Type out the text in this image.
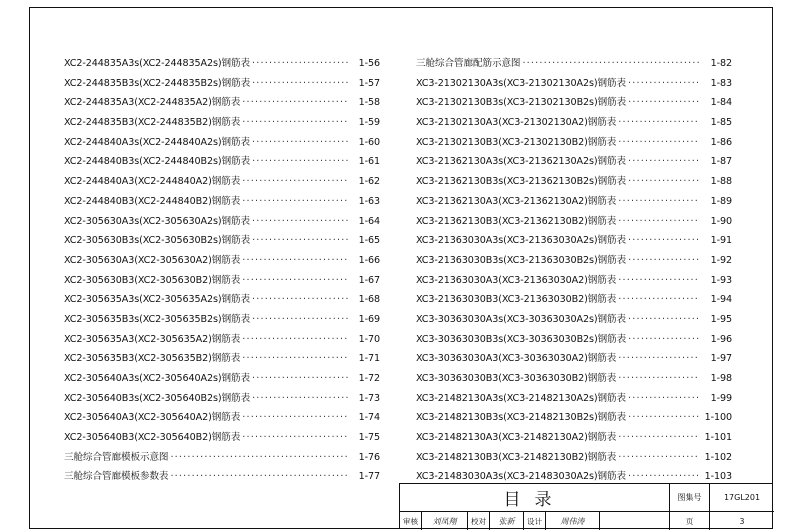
XC2-244835A3s(XC2-244835A2s)钢筋表 ·····	1-56
XC2-244835B3s(XC2-244835B2s)钢筋表 ·····	1-57
XC2-244835A3(XC2-244835A2)钢筋表 ·····	1-58
XC2-244835B3(XC2-244835B2)钢筋表 ·····	1-59
XC2-244840A3s(XC2-244840A2s)钢筋表 ·····	1-60
XC2-244840B3s(XC2-244840B2s)钢筋表 ·····	1-61
XC2-244840A3(XC2-244840A2)钢筋表 ·····	1-62
XC2-244840B3(XC2-244840B2)钢筋表 ·····	1-63
XC2-305630A3s(XC2-305630A2s)钢筋表 ·····	1-64
XC2-305630B3s(XC2-305630B2s)钢筋表 ·····	1-65
XC2-305630A3(XC2-305630A2)钢筋表 ·····	1-66
XC2-305630B3(XC2-305630B2)钢筋表 ·····	1-67
XC2-305635A3s(XC2-305635A2s)钢筋表 ·····	1-68
XC2-305635B3s(XC2-305635B2s)钢筋表 ·····	1-69
XC2-305635A3(XC2-305635A2)钢筋表 ·····	1-70
XC2-305635B3(XC2-305635B2)钢筋表 ·····	1-71
XC2-305640A3s(XC2-305640A2s)钢筋表 ·····	1-72
XC2-305640B3s(XC2-305640B2s)钢筋表 ·····	1-73
XC2-305640A3(XC2-305640A2)钢筋表 ·····	1-74
XC2-305640B3(XC2-305640B2)钢筋表 ·····	1-75
三舱综合管廊模板示意图 ·····	1-76
三舱综合管廊模板参数表 ·····	1-77
三舱综合管廊配筋示意图 ·····	1-82
XC3-21302130A3s(XC3-21302130A2s)钢筋表 ·····	1-83
XC3-21302130B3s(XC3-21302130B2s)钢筋表 ·····	1-84
XC3-21302130A3(XC3-21302130A2)钢筋表 ·····	1-85
XC3-21302130B3(XC3-21302130B2)钢筋表 ·····	1-86
XC3-21362130A3s(XC3-21362130A2s)钢筋表 ·····	1-87
XC3-21362130B3s(XC3-21362130B2s)钢筋表 ·····	1-88
XC3-21362130A3(XC3-21362130A2)钢筋表 ·····	1-89
XC3-21362130B3(XC3-21362130B2)钢筋表 ·····	1-90
XC3-21363030A3s(XC3-21363030A2s)钢筋表 ·····	1-91
XC3-21363030B3s(XC3-21363030B2s)钢筋表 ·····	1-92
XC3-21363030A3(XC3-21363030A2)钢筋表 ·····	1-93
XC3-21363030B3(XC3-21363030B2)钢筋表 ·····	1-94
XC3-30363030A3s(XC3-30363030A2s)钢筋表 ·····	1-95
XC3-30363030B3s(XC3-30363030B2s)钢筋表 ·····	1-96
XC3-30363030A3(XC3-30363030A2)钢筋表 ·····	1-97
XC3-30363030B3(XC3-30363030B2)钢筋表 ·····	1-98
XC3-21482130A3s(XC3-21482130A2s)钢筋表 ·····	1-99
XC3-21482130B3s(XC3-21482130B2s)钢筋表 ·····	1-100
XC3-21482130A3(XC3-21482130A2)钢筋表 ·····	1-101
XC3-21482130B3(XC3-21482130B2)钢筋表 ·····	1-102
XC3-21483030A3s(XC3-21483030A2s)钢筋表 ·····	1-103
目录	图集号	17GL201
审核	刘凤翔	校对	张新	设计	周伟涛	页	3
